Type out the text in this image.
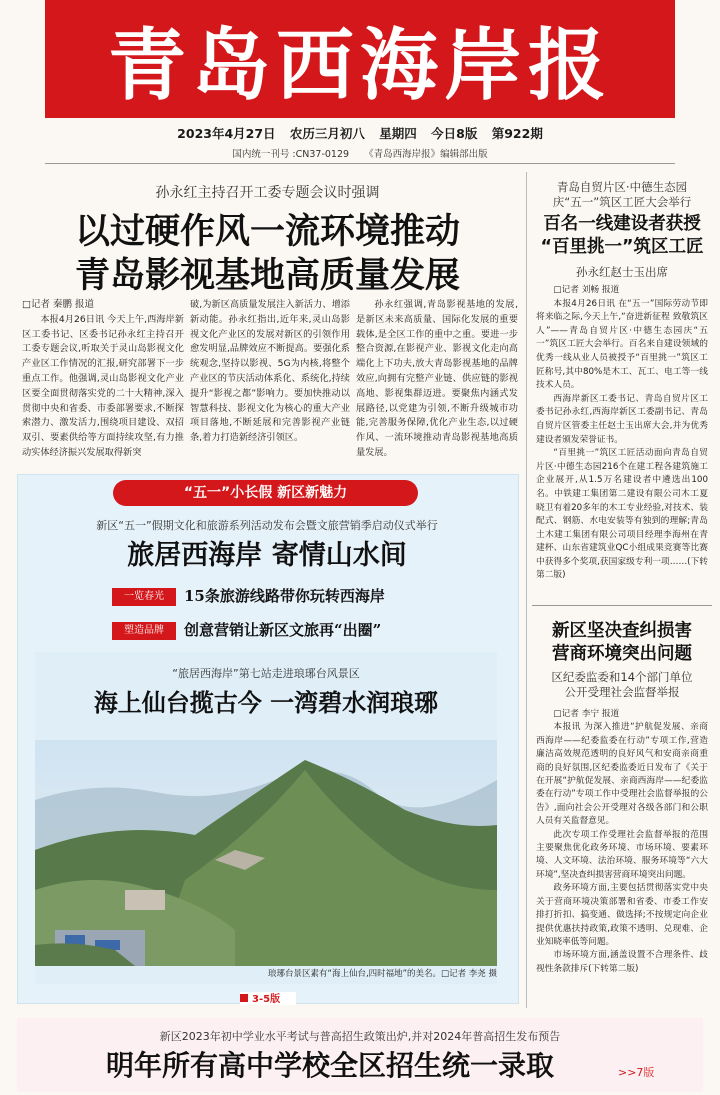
青岛西海岸报
2023年4月27日 农历三月初八 星期四 今日8版 第922期
国内统一刊号 :CN37-0129 《青岛西海岸报》编辑部出版
孙永红主持召开工委专题会议时强调
以过硬作风一流环境推动
青岛影视基地高质量发展
□记者 秦鹏 报道

本报4月26日讯 今天上午,西海岸新区工委书记、区委书记孙永红主持召开工委专题会议,听取关于灵山岛影视文化产业区工作情况的汇报,研究部署下一步重点工作。他强调,灵山岛影视文化产业区要全面贯彻落实党的二十大精神,深入贯彻中央和省委、市委部署要求,不断探索潜力、激发活力,围绕项目建设、双招双引、要素供给等方面持续攻坚,有力推动实体经济振兴发展取得新突

破,为新区高质量发展注入新活力、增添新动能。孙永红指出,近年来,灵山岛影视文化产业区的发展对新区的引领作用愈发明显,品牌效应不断提高。要强化系统观念,坚持以影视、5G为内核,将整个产业区的节庆活动体系化、系统化,持续提升“影视之都”影响力。要加快推动以智慧科技、影视文化为核心的重大产业项目落地,不断延展和完善影视产业链条,着力打造新经济引领区。

孙永红强调,青岛影视基地的发展,是新区未来高质量、国际化发展的重要载体,是全区工作的重中之重。要进一步整合资源,在影视产业、影视文化走向高端化上下功夫,放大青岛影视基地的品牌效应,向拥有完整产业链、供应链的影视高地、影视集群迈进。要聚焦内涵式发展路径,以党建为引领,不断升级城市功能,完善服务保障,优化产业生态,以过硬作风、一流环境推动青岛影视基地高质量发展。

青岛自贸片区·中德生态园
庆“五一”筑区工匠大会举行
百名一线建设者获授
“百里挑一”筑区工匠
孙永红赵士玉出席
□记者 刘畅 报道

本报4月26日讯 在“五一”国际劳动节即将来临之际,今天上午,“奋进新征程 致敬筑区人”——青岛自贸片区·中德生态园庆“五一”筑区工匠大会举行。百名来自建设领域的优秀一线从业人员被授予“百里挑一”筑区工匠称号,其中80%是木工、瓦工、电工等一线技术人员。

西海岸新区工委书记、青岛自贸片区工委书记孙永红,西海岸新区工委副书记、青岛自贸片区管委主任赵士玉出席大会,并为优秀建设者颁发荣誉证书。

“百里挑一”筑区工匠活动面向青岛自贸片区·中德生态园216个在建工程各建筑施工企业展开,从1.5万名建设者中遴选出100名。中铁建工集团第二建设有限公司木工夏晓卫有着20多年的木工专业经验,对技术、装配式、钢筋、水电安装等有独到的理解;青岛土木建工集团有限公司项目经理李海州在青建杯、山东省建筑业QC小组成果竞赛等比赛中获得多个奖项,获国家级专利一项……(下转第二版)

新区坚决查纠损害
营商环境突出问题
区纪委监委和14个部门单位
公开受理社会监督举报
□记者 李宁 报道

本报讯 为深入推进“护航促发展、亲商西海岸——纪委监委在行动”专项工作,营造廉洁高效规范透明的良好风气和安商亲商重商的良好氛围,区纪委监委近日发布了《关于在开展“护航促发展、亲商西海岸——纪委监委在行动”专项工作中受理社会监督举报的公告》,面向社会公开受理对各级各部门和公职人员有关监督意见。

此次专项工作受理社会监督举报的范围主要聚焦优化政务环境、市场环境、要素环境、人文环境、法治环境、服务环境等“六大环境”,坚决查纠损害营商环境突出问题。

政务环境方面,主要包括贯彻落实党中央关于营商环境决策部署和省委、市委工作安排打折扣、搞变通、做选择;不按规定向企业提供优惠扶持政策,政策不透明、兑现难、企业知晓率低等问题。

市场环境方面,涵盖设置不合理条件、歧视性条款排斥(下转第二版)

“五一”小长假 新区新魅力
新区“五一”假期文化和旅游系列活动发布会暨文旅营销季启动仪式举行
旅居西海岸 寄情山水间
一览春光	15条旅游线路带你玩转西海岸
塑造品牌	创意营销让新区文旅再“出圈”
“旅居西海岸”第七站走进琅琊台风景区
海上仙台揽古今 一湾碧水润琅琊
琅琊台景区素有“海上仙台,四时福地”的美名。□记者 李尧 摄
3-5版
新区2023年初中学业水平考试与普高招生政策出炉,并对2024年普高招生发布预告
明年所有高中学校全区招生统一录取	>>7版
